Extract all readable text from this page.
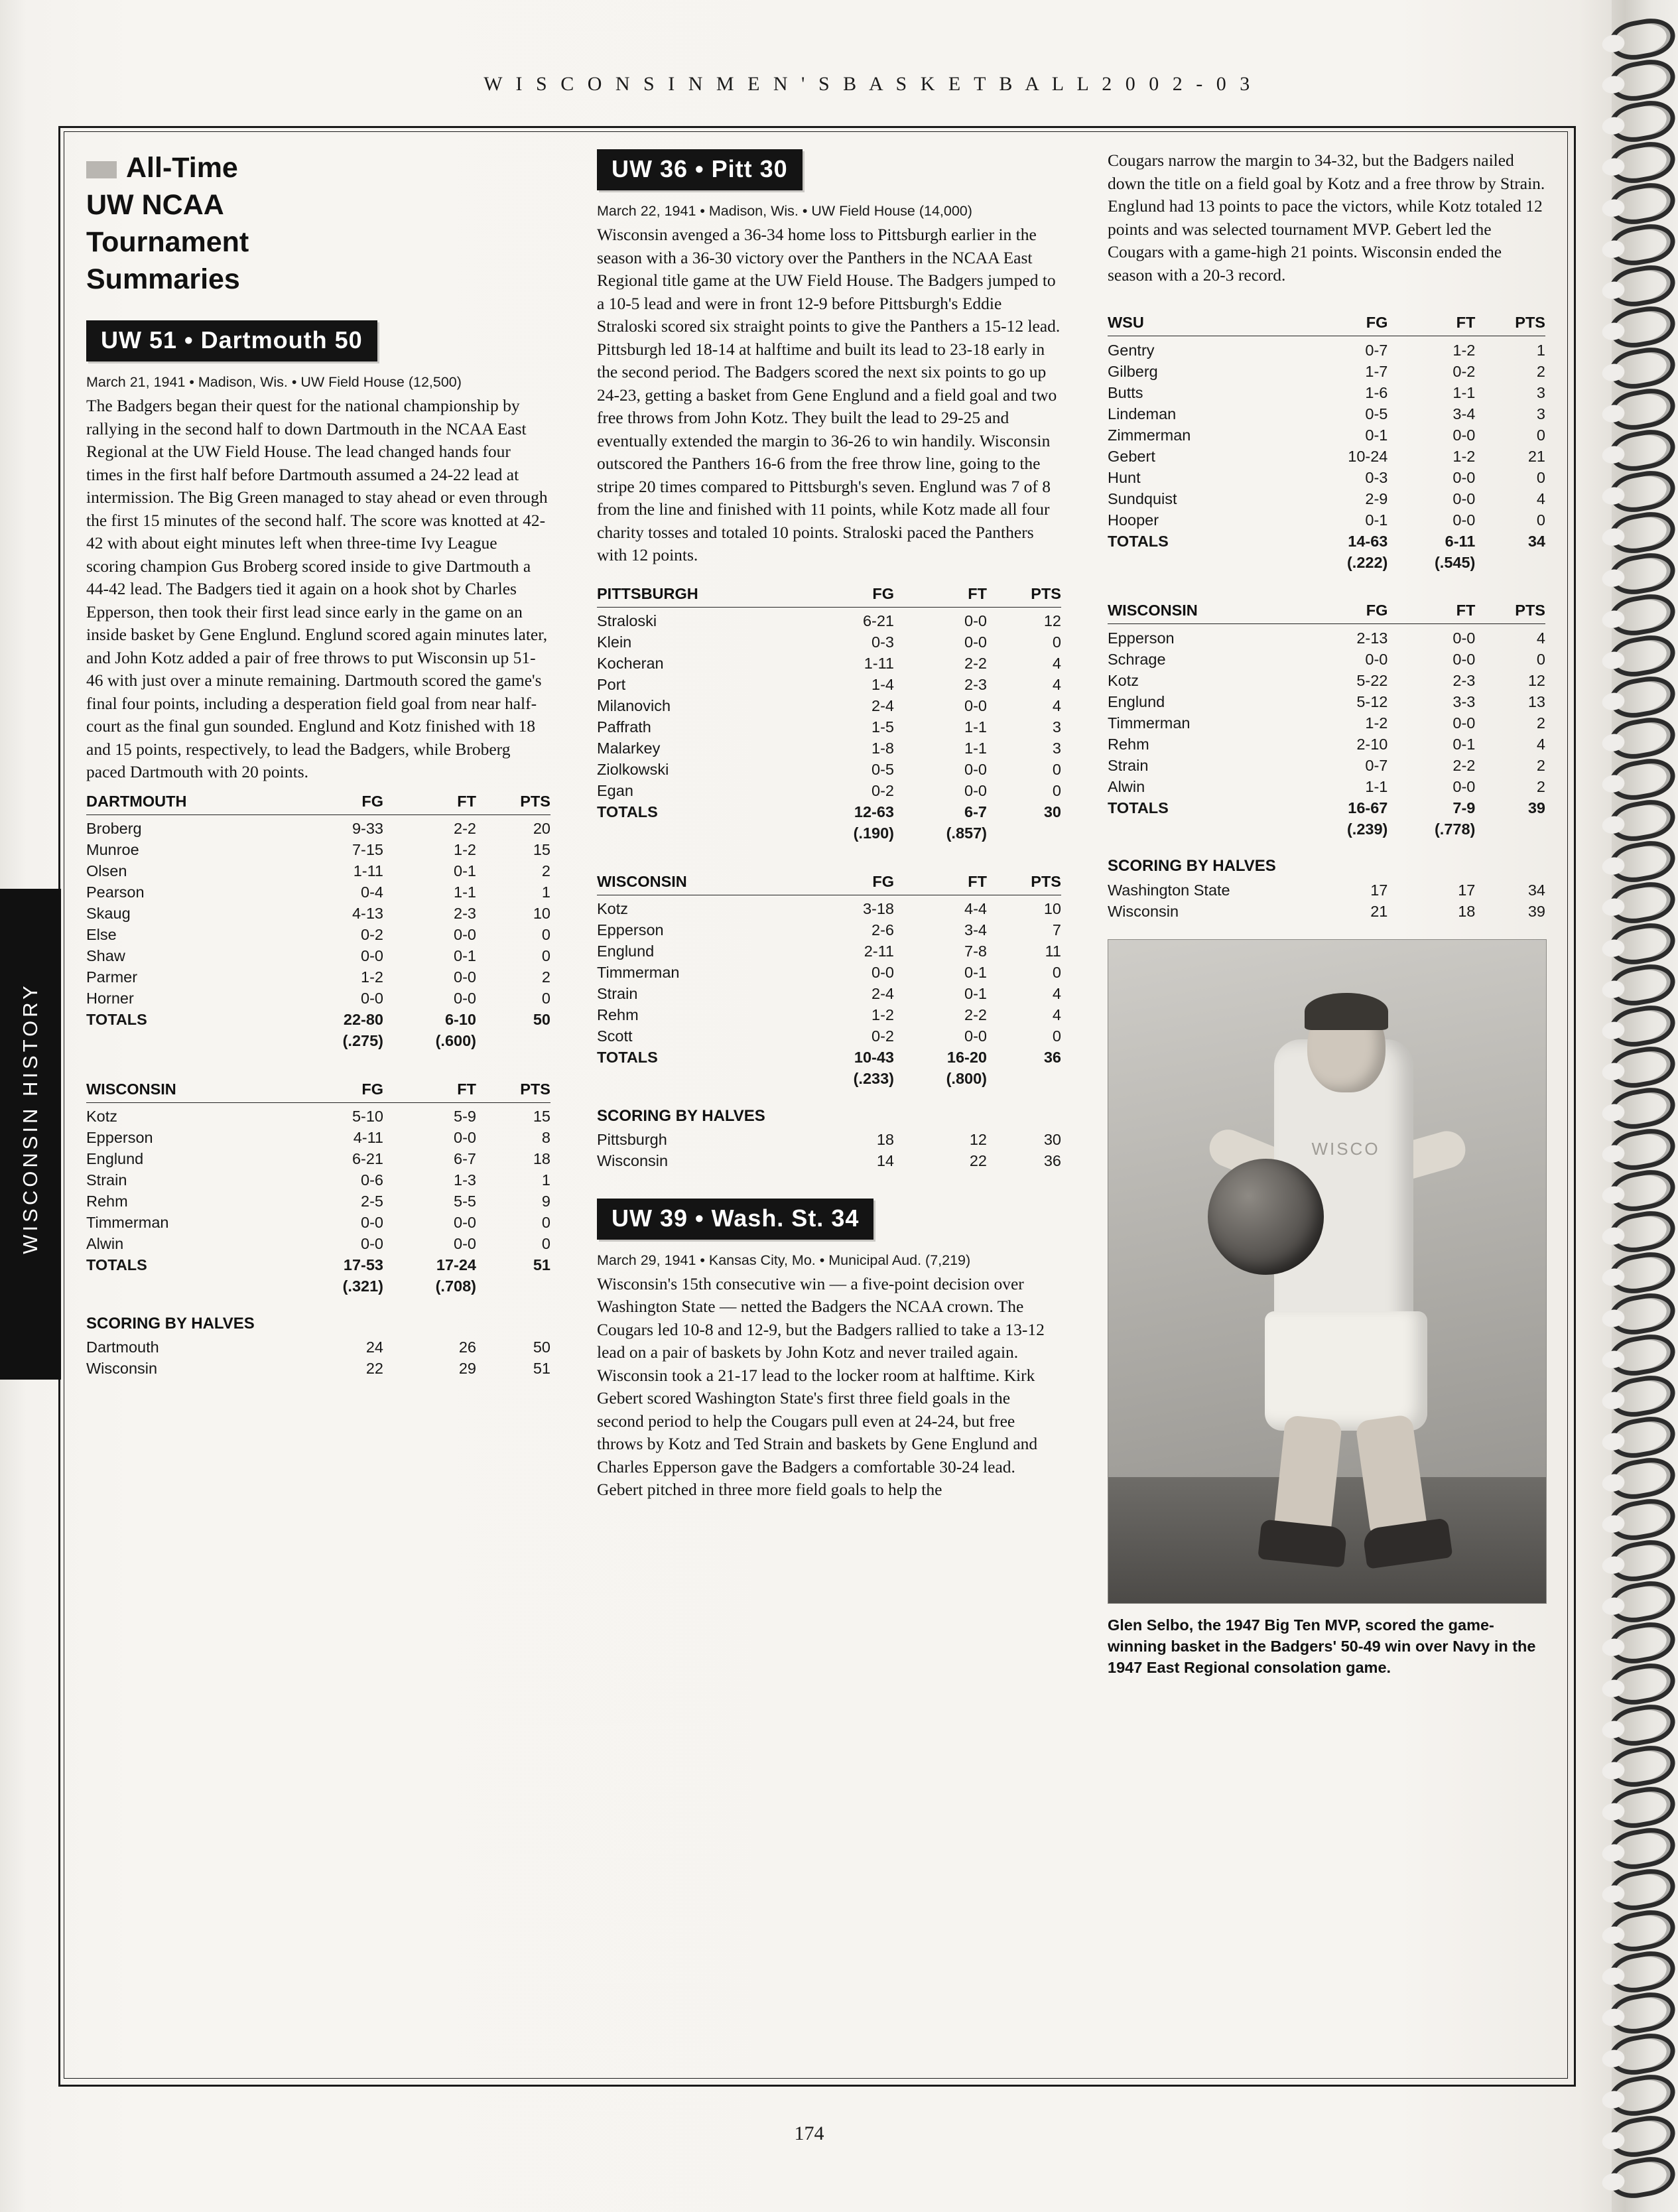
W I S C O N S I N M E N ' S B A S K E T B A L L 2 0 0 2 - 0 3
WISCONSIN HISTORY
All-Time
UW NCAA
Tournament
Summaries
UW 51 • Dartmouth 50
March 21, 1941 • Madison, Wis. • UW Field House (12,500)

The Badgers began their quest for the national championship by rallying in the second half to down Dartmouth in the NCAA East Regional at the UW Field House. The lead changed hands four times in the first half before Dartmouth assumed a 24-22 lead at intermission. The Big Green managed to stay ahead or even through the first 15 minutes of the second half. The score was knotted at 42-42 with about eight minutes left when three-time Ivy League scoring champion Gus Broberg scored inside to give Dartmouth a 44-42 lead. The Badgers tied it again on a hook shot by Charles Epperson, then took their first lead since early in the game on an inside basket by Gene Englund. Englund scored again minutes later, and John Kotz added a pair of free throws to put Wisconsin up 51-46 with just over a minute remaining. Dartmouth scored the game's final four points, including a desperation field goal from near half-court as the final gun sounded. Englund and Kotz finished with 18 and 15 points, respectively, to lead the Badgers, while Broberg paced Dartmouth with 20 points.

DARTMOUTH	FG	FT	PTS

Broberg	9-33	2-2	20
Munroe	7-15	1-2	15
Olsen	1-11	0-1	2
Pearson	0-4	1-1	1
Skaug	4-13	2-3	10
Else	0-2	0-0	0
Shaw	0-0	0-1	0
Parmer	1-2	0-0	2
Horner	0-0	0-0	0
TOTALS	22-80	6-10	50
	(.275)	(.600)	
WISCONSIN	FG	FT	PTS

Kotz	5-10	5-9	15
Epperson	4-11	0-0	8
Englund	6-21	6-7	18
Strain	0-6	1-3	1
Rehm	2-5	5-5	9
Timmerman	0-0	0-0	0
Alwin	0-0	0-0	0
TOTALS	17-53	17-24	51
	(.321)	(.708)	
SCORING BY HALVES
Dartmouth	24	26	50
Wisconsin	22	29	51
UW 36 • Pitt 30
March 22, 1941 • Madison, Wis. • UW Field House (14,000)

Wisconsin avenged a 36-34 home loss to Pittsburgh earlier in the season with a 36-30 victory over the Panthers in the NCAA East Regional title game at the UW Field House. The Badgers jumped to a 10-5 lead and were in front 12-9 before Pittsburgh's Eddie Straloski scored six straight points to give the Panthers a 15-12 lead. Pittsburgh led 18-14 at halftime and built its lead to 23-18 early in the second period. The Badgers scored the next six points to go up 24-23, getting a basket from Gene Englund and a field goal and two free throws from John Kotz. They built the lead to 29-25 and eventually extended the margin to 36-26 to win handily. Wisconsin outscored the Panthers 16-6 from the free throw line, going to the stripe 20 times compared to Pittsburgh's seven. Englund was 7 of 8 from the line and finished with 11 points, while Kotz made all four charity tosses and totaled 10 points. Straloski paced the Panthers with 12 points.

PITTSBURGH	FG	FT	PTS

Straloski	6-21	0-0	12
Klein	0-3	0-0	0
Kocheran	1-11	2-2	4
Port	1-4	2-3	4
Milanovich	2-4	0-0	4
Paffrath	1-5	1-1	3
Malarkey	1-8	1-1	3
Ziolkowski	0-5	0-0	0
Egan	0-2	0-0	0
TOTALS	12-63	6-7	30
	(.190)	(.857)	
WISCONSIN	FG	FT	PTS

Kotz	3-18	4-4	10
Epperson	2-6	3-4	7
Englund	2-11	7-8	11
Timmerman	0-0	0-1	0
Strain	2-4	0-1	4
Rehm	1-2	2-2	4
Scott	0-2	0-0	0
TOTALS	10-43	16-20	36
	(.233)	(.800)	
SCORING BY HALVES
Pittsburgh	18	12	30
Wisconsin	14	22	36
UW 39 • Wash. St. 34
March 29, 1941 • Kansas City, Mo. • Municipal Aud. (7,219)

Wisconsin's 15th consecutive win — a five-point decision over Washington State — netted the Badgers the NCAA crown. The Cougars led 10-8 and 12-9, but the Badgers rallied to take a 13-12 lead on a pair of baskets by John Kotz and never trailed again. Wisconsin took a 21-17 lead to the locker room at halftime. Kirk Gebert scored Washington State's first three field goals in the second period to help the Cougars pull even at 24-24, but free throws by Kotz and Ted Strain and baskets by Gene Englund and Charles Epperson gave the Badgers a comfortable 30-24 lead. Gebert pitched in three more field goals to help the

Cougars narrow the margin to 34-32, but the Badgers nailed down the title on a field goal by Kotz and a free throw by Strain. Englund had 13 points to pace the victors, while Kotz totaled 12 points and was selected tournament MVP. Gebert led the Cougars with a game-high 21 points. Wisconsin ended the season with a 20-3 record.

WSU	FG	FT	PTS

Gentry	0-7	1-2	1
Gilberg	1-7	0-2	2
Butts	1-6	1-1	3
Lindeman	0-5	3-4	3
Zimmerman	0-1	0-0	0
Gebert	10-24	1-2	21
Hunt	0-3	0-0	0
Sundquist	2-9	0-0	4
Hooper	0-1	0-0	0
TOTALS	14-63	6-11	34
	(.222)	(.545)	
WISCONSIN	FG	FT	PTS

Epperson	2-13	0-0	4
Schrage	0-0	0-0	0
Kotz	5-22	2-3	12
Englund	5-12	3-3	13
Timmerman	1-2	0-0	2
Rehm	2-10	0-1	4
Strain	0-7	2-2	2
Alwin	1-1	0-0	2
TOTALS	16-67	7-9	39
	(.239)	(.778)	
SCORING BY HALVES
Washington State	17	17	34
Wisconsin	21	18	39
WISCO
Glen Selbo, the 1947 Big Ten MVP, scored the game-winning basket in the Badgers' 50-49 win over Navy in the 1947 East Regional consolation game.
174
